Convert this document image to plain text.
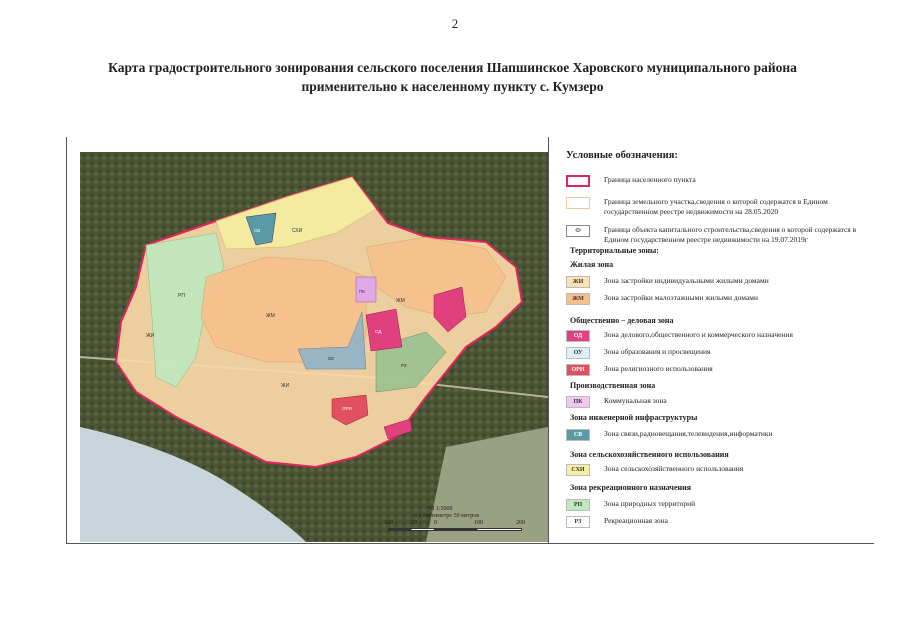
2
Карта градостроительного зонирования сельского поселения Шапшинское Харовского муниципального района
применительно к населенному пункту с. Кумзеро
ЖИ
ЖИ
ЖМ
ЖМ
РП
СХИ
СВ
ОД
ОУ
ОРИ
ПК
РЗ
Условные обозначения:
Граница населенного пункта
Граница земельного участка,сведения о которой содержатся в Едином государственном реестре недвижимости на 28.05.2020
⬭	Граница объекта капитального строительства,сведения о которой содержатся в Едином государственном реестре недвижимости на 19.07.2019г
Территориальные зоны:
Жилая зона
ЖИ	Зона застройки индивидуальными жилыми домами
ЖМ	Зона застройки малоэтажными жилыми домами
Общественно – деловая зона
ОД	Зона делового,общественного и коммерческого назначения
ОУ	Зона образования и просвещения
ОРИ	Зона религиозного использования
Производственная зона
ПК	Коммунальная зона
Зона инженерной инфраструктуры
СВ	Зона связи,радиовещания,телевидения,информатики
Зона сельскохозяйственного использования
СХИ	Зона сельскохозяйственного использования
Зона рекреационного назначения
РП	Зона природных территорий
РЗ	Рекреационная зона
М 1:5000
в 1 сантиметре 50 метров
100	50	0	100	200
